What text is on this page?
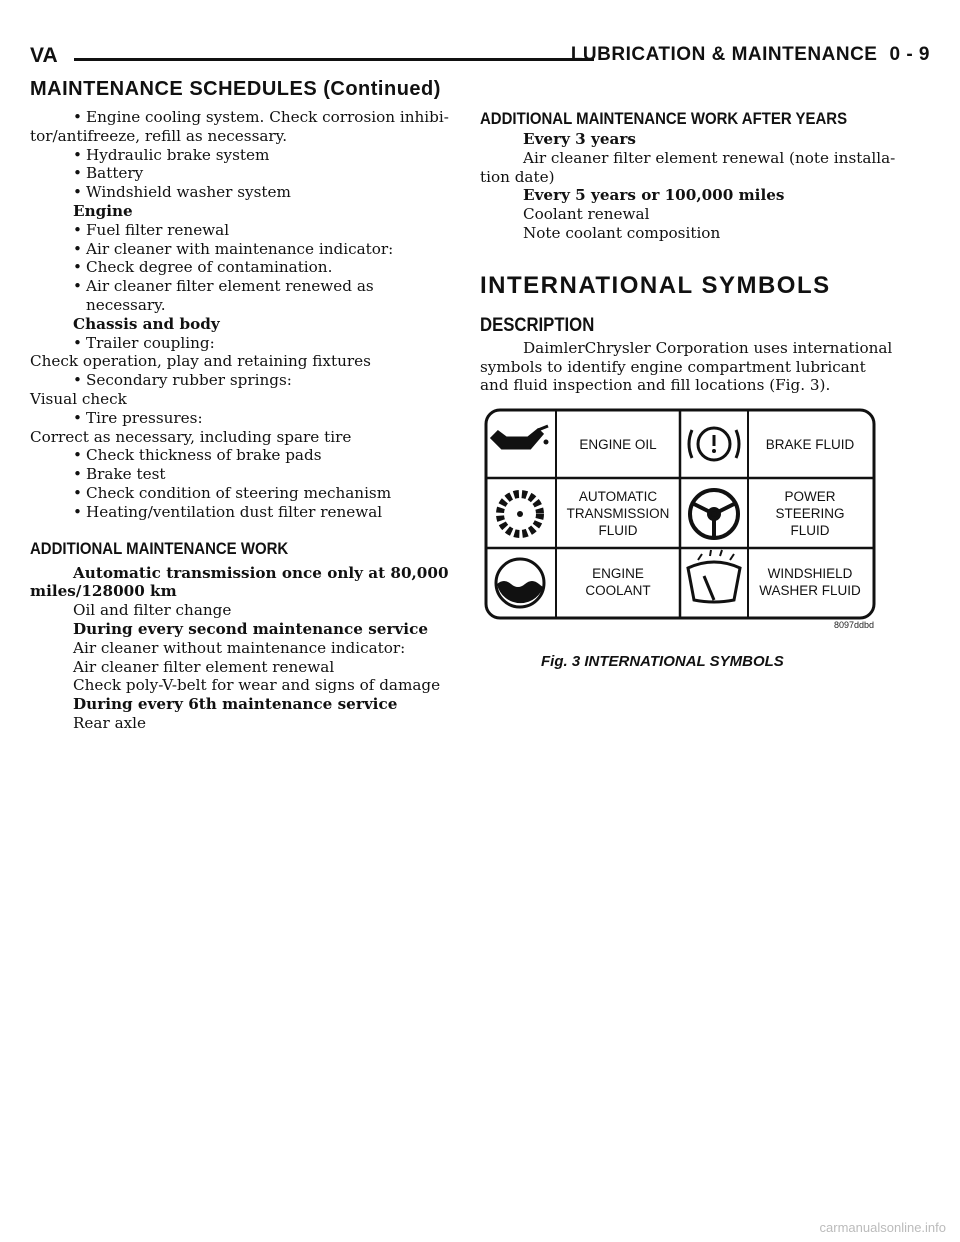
VA	LUBRICATION & MAINTENANCE 0 - 9
MAINTENANCE SCHEDULES (Continued)

• Engine cooling system. Check corrosion inhibi-

tor/antifreeze, refill as necessary.

• Hydraulic brake system

• Battery

• Windshield washer system

Engine

• Fuel filter renewal

• Air cleaner with maintenance indicator:

• Check degree of contamination.

• Air cleaner filter element renewed as necessary.

Chassis and body

• Trailer coupling:

Check operation, play and retaining fixtures

• Secondary rubber springs:

Visual check

• Tire pressures:

Correct as necessary, including spare tire

• Check thickness of brake pads

• Brake test

• Check condition of steering mechanism

• Heating/ventilation dust filter renewal

ADDITIONAL MAINTENANCE WORK

Automatic transmission once only at 80,000

miles/128000 km

Oil and filter change

During every second maintenance service

Air cleaner without maintenance indicator:

Air cleaner filter element renewal

Check poly-V-belt for wear and signs of damage

During every 6th maintenance service

Rear axle

ADDITIONAL MAINTENANCE WORK AFTER YEARS

Every 3 years

Air cleaner filter element renewal (note installa-

tion date)

Every 5 years or 100,000 miles

Coolant renewal

Note coolant composition

INTERNATIONAL SYMBOLS

DESCRIPTION

DaimlerChrysler Corporation uses international

symbols to identify engine compartment lubricant

and fluid inspection and fill locations (Fig. 3).

ENGINE OIL	BRAKE FLUID
AUTOMATIC
TRANSMISSION
FLUID
POWER
STEERING
FLUID
ENGINE
COOLANT
WINDSHIELD
WASHER FLUID
8097ddbd
Fig. 3 INTERNATIONAL SYMBOLS
carmanualsonline.info
